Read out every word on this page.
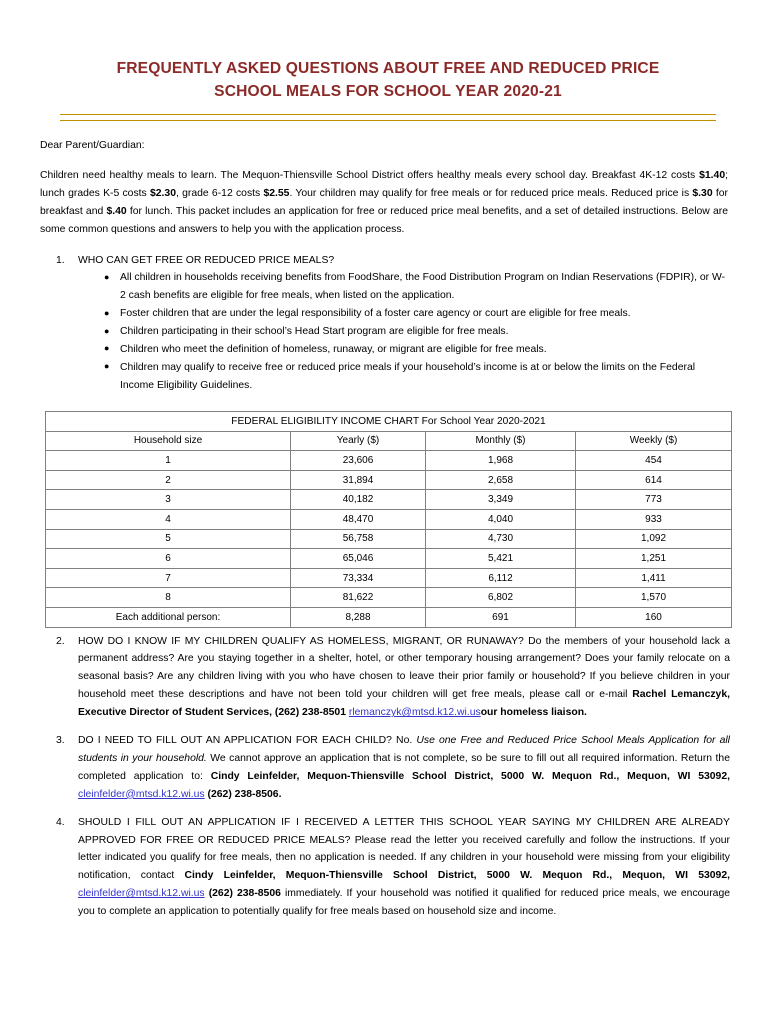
FREQUENTLY ASKED QUESTIONS ABOUT FREE AND REDUCED PRICE
SCHOOL MEALS FOR SCHOOL YEAR 2020-21
Dear Parent/Guardian:
Children need healthy meals to learn. The Mequon-Thiensville School District offers healthy meals every school day. Breakfast 4K-12 costs $1.40; lunch grades K-5 costs $2.30, grade 6-12 costs $2.55. Your children may qualify for free meals or for reduced price meals. Reduced price is $.30 for breakfast and $.40 for lunch. This packet includes an application for free or reduced price meal benefits, and a set of detailed instructions. Below are some common questions and answers to help you with the application process.
1.	WHO CAN GET FREE OR REDUCED PRICE MEALS?
● All children in households receiving benefits from FoodShare, the Food Distribution Program on Indian Reservations (FDPIR), or W-2 cash benefits are eligible for free meals, when listed on the application.
● Foster children that are under the legal responsibility of a foster care agency or court are eligible for free meals.
● Children participating in their school’s Head Start program are eligible for free meals.
● Children who meet the definition of homeless, runaway, or migrant are eligible for free meals.
● Children may qualify to receive free or reduced price meals if your household’s income is at or below the limits on the Federal Income Eligibility Guidelines.
FEDERAL ELIGIBILITY INCOME CHART For School Year 2020-2021			
Household size	Yearly ($)	Monthly ($)	Weekly ($)
1	23,606	1,968	454
2	31,894	2,658	614
3	40,182	3,349	773
4	48,470	4,040	933
5	56,758	4,730	1,092
6	65,046	5,421	1,251
7	73,334	6,112	1,411
8	81,622	6,802	1,570
Each additional person:	8,288	691	160
2.	HOW DO I KNOW IF MY CHILDREN QUALIFY AS HOMELESS, MIGRANT, OR RUNAWAY? Do the members of your household lack a permanent address? Are you staying together in a shelter, hotel, or other temporary housing arrangement? Does your family relocate on a seasonal basis? Are any children living with you who have chosen to leave their prior family or household? If you believe children in your household meet these descriptions and have not been told your children will get free meals, please call or e-mail Rachel Lemanczyk, Executive Director of Student Services, (262) 238-8501 rlemanczyk@mtsd.k12.wi.usour homeless liaison.
3.	DO I NEED TO FILL OUT AN APPLICATION FOR EACH CHILD? No. Use one Free and Reduced Price School Meals Application for all students in your household. We cannot approve an application that is not complete, so be sure to fill out all required information. Return the completed application to: Cindy Leinfelder, Mequon-Thiensville School District, 5000 W. Mequon Rd., Mequon, WI 53092, cleinfelder@mtsd.k12.wi.us (262) 238-8506.
4.	SHOULD I FILL OUT AN APPLICATION IF I RECEIVED A LETTER THIS SCHOOL YEAR SAYING MY CHILDREN ARE ALREADY APPROVED FOR FREE OR REDUCED PRICE MEALS? Please read the letter you received carefully and follow the instructions. If your letter indicated you qualify for free meals, then no application is needed. If any children in your household were missing from your eligibility notification, contact Cindy Leinfelder, Mequon-Thiensville School District, 5000 W. Mequon Rd., Mequon, WI 53092, cleinfelder@mtsd.k12.wi.us (262) 238-8506 immediately. If your household was notified it qualified for reduced price meals, we encourage you to complete an application to potentially qualify for free meals based on household size and income.
